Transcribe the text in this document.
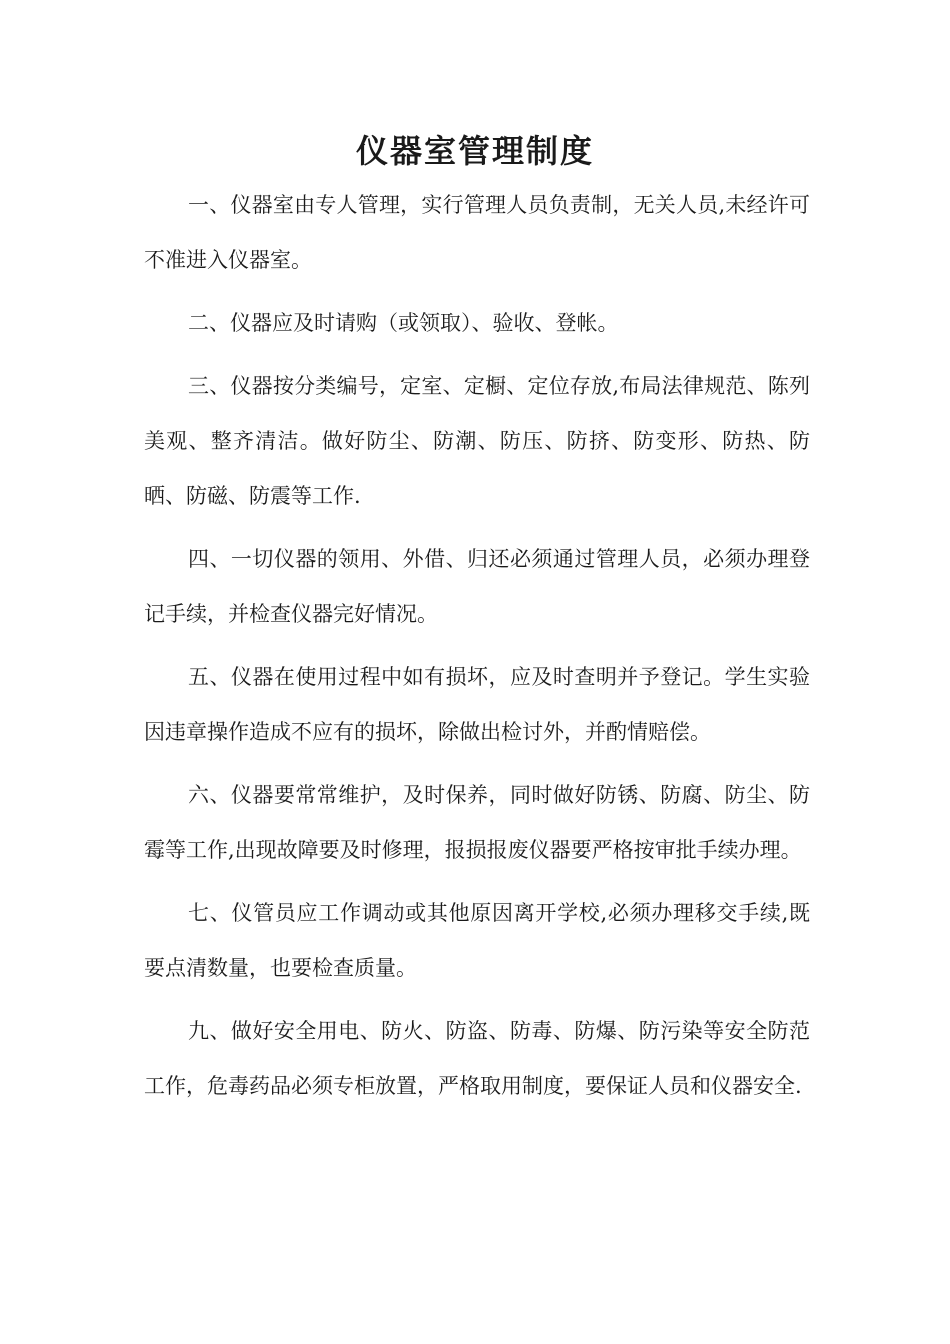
仪器室管理制度

一、仪器室由专人管理，实行管理人员负责制，无关人员,未经许可不准进入仪器室。

二、仪器应及时请购（或领取）、验收、登帐。

三、仪器按分类编号，定室、定橱、定位存放,布局法律规范、陈列美观、整齐清洁。做好防尘、防潮、防压、防挤、防变形、防热、防晒、防磁、防震等工作.

四、一切仪器的领用、外借、归还必须通过管理人员，必须办理登记手续，并检查仪器完好情况。

五、仪器在使用过程中如有损坏，应及时查明并予登记。学生实验因违章操作造成不应有的损坏，除做出检讨外，并酌情赔偿。

六、仪器要常常维护，及时保养，同时做好防锈、防腐、防尘、防霉等工作,出现故障要及时修理，报损报废仪器要严格按审批手续办理。

七、仪管员应工作调动或其他原因离开学校,必须办理移交手续,既要点清数量，也要检查质量。

九、做好安全用电、防火、防盗、防毒、防爆、防污染等安全防范工作，危毒药品必须专柜放置，严格取用制度，要保证人员和仪器安全.
